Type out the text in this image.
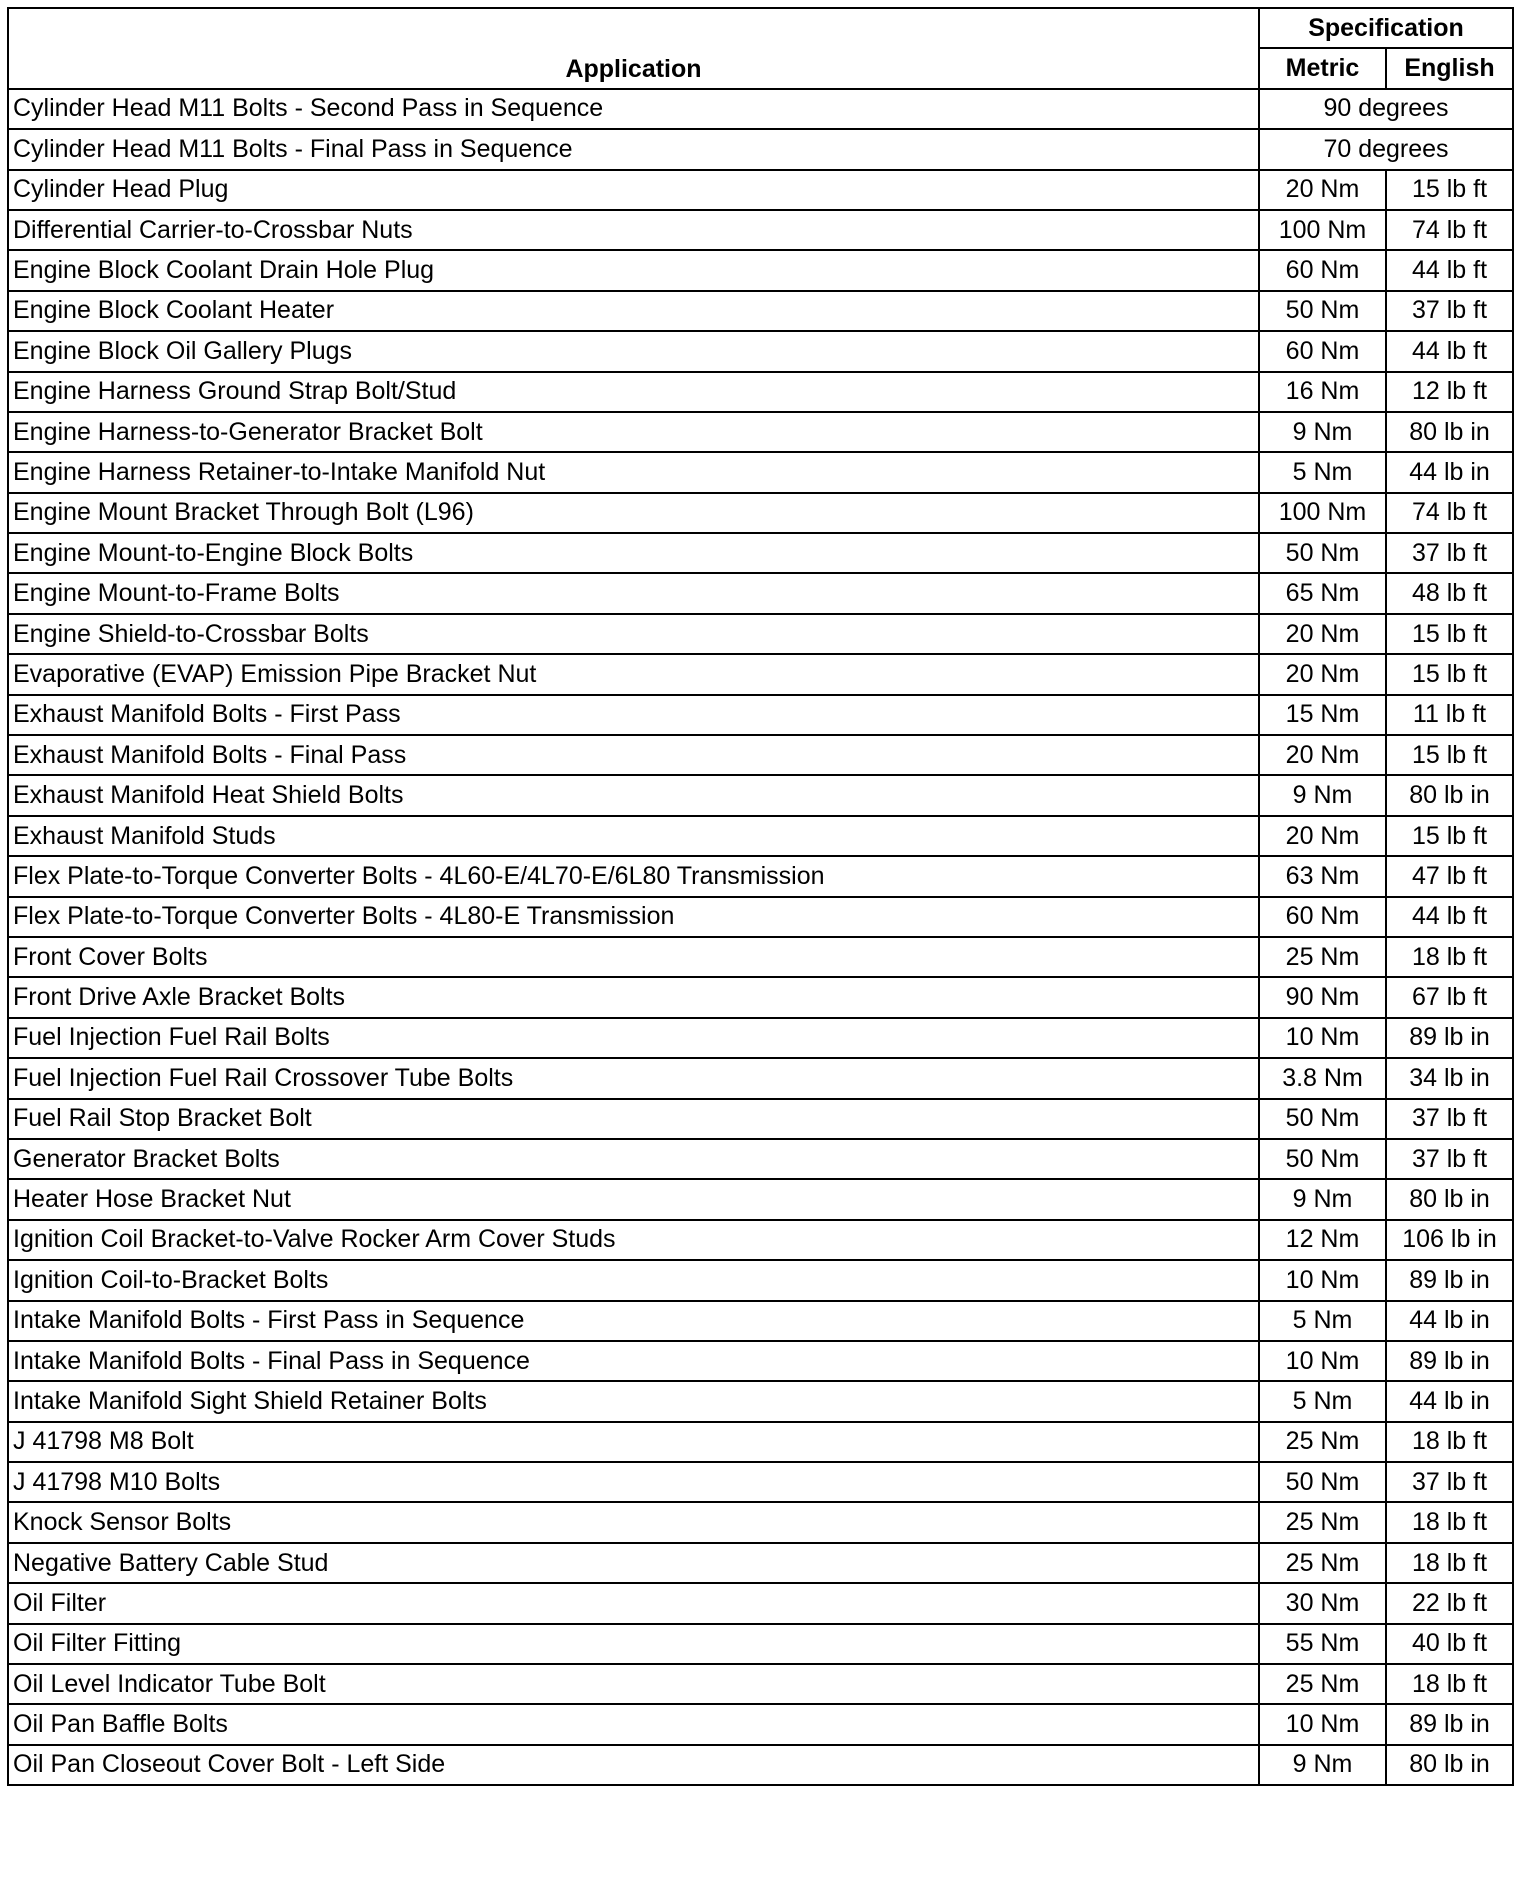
Application	Specification	
	Metric	English
Cylinder Head M11 Bolts - Second Pass in Sequence	90 degrees	
Cylinder Head M11 Bolts - Final Pass in Sequence	70 degrees	
Cylinder Head Plug	20 Nm	15 lb ft
Differential Carrier-to-Crossbar Nuts	100 Nm	74 lb ft
Engine Block Coolant Drain Hole Plug	60 Nm	44 lb ft
Engine Block Coolant Heater	50 Nm	37 lb ft
Engine Block Oil Gallery Plugs	60 Nm	44 lb ft
Engine Harness Ground Strap Bolt/Stud	16 Nm	12 lb ft
Engine Harness-to-Generator Bracket Bolt	9 Nm	80 lb in
Engine Harness Retainer-to-Intake Manifold Nut	5 Nm	44 lb in
Engine Mount Bracket Through Bolt (L96)	100 Nm	74 lb ft
Engine Mount-to-Engine Block Bolts	50 Nm	37 lb ft
Engine Mount-to-Frame Bolts	65 Nm	48 lb ft
Engine Shield-to-Crossbar Bolts	20 Nm	15 lb ft
Evaporative (EVAP) Emission Pipe Bracket Nut	20 Nm	15 lb ft
Exhaust Manifold Bolts - First Pass	15 Nm	11 lb ft
Exhaust Manifold Bolts - Final Pass	20 Nm	15 lb ft
Exhaust Manifold Heat Shield Bolts	9 Nm	80 lb in
Exhaust Manifold Studs	20 Nm	15 lb ft
Flex Plate-to-Torque Converter Bolts - 4L60-E/4L70-E/6L80 Transmission	63 Nm	47 lb ft
Flex Plate-to-Torque Converter Bolts - 4L80-E Transmission	60 Nm	44 lb ft
Front Cover Bolts	25 Nm	18 lb ft
Front Drive Axle Bracket Bolts	90 Nm	67 lb ft
Fuel Injection Fuel Rail Bolts	10 Nm	89 lb in
Fuel Injection Fuel Rail Crossover Tube Bolts	3.8 Nm	34 lb in
Fuel Rail Stop Bracket Bolt	50 Nm	37 lb ft
Generator Bracket Bolts	50 Nm	37 lb ft
Heater Hose Bracket Nut	9 Nm	80 lb in
Ignition Coil Bracket-to-Valve Rocker Arm Cover Studs	12 Nm	106 lb in
Ignition Coil-to-Bracket Bolts	10 Nm	89 lb in
Intake Manifold Bolts - First Pass in Sequence	5 Nm	44 lb in
Intake Manifold Bolts - Final Pass in Sequence	10 Nm	89 lb in
Intake Manifold Sight Shield Retainer Bolts	5 Nm	44 lb in
J 41798 M8 Bolt	25 Nm	18 lb ft
J 41798 M10 Bolts	50 Nm	37 lb ft
Knock Sensor Bolts	25 Nm	18 lb ft
Negative Battery Cable Stud	25 Nm	18 lb ft
Oil Filter	30 Nm	22 lb ft
Oil Filter Fitting	55 Nm	40 lb ft
Oil Level Indicator Tube Bolt	25 Nm	18 lb ft
Oil Pan Baffle Bolts	10 Nm	89 lb in
Oil Pan Closeout Cover Bolt - Left Side	9 Nm	80 lb in
